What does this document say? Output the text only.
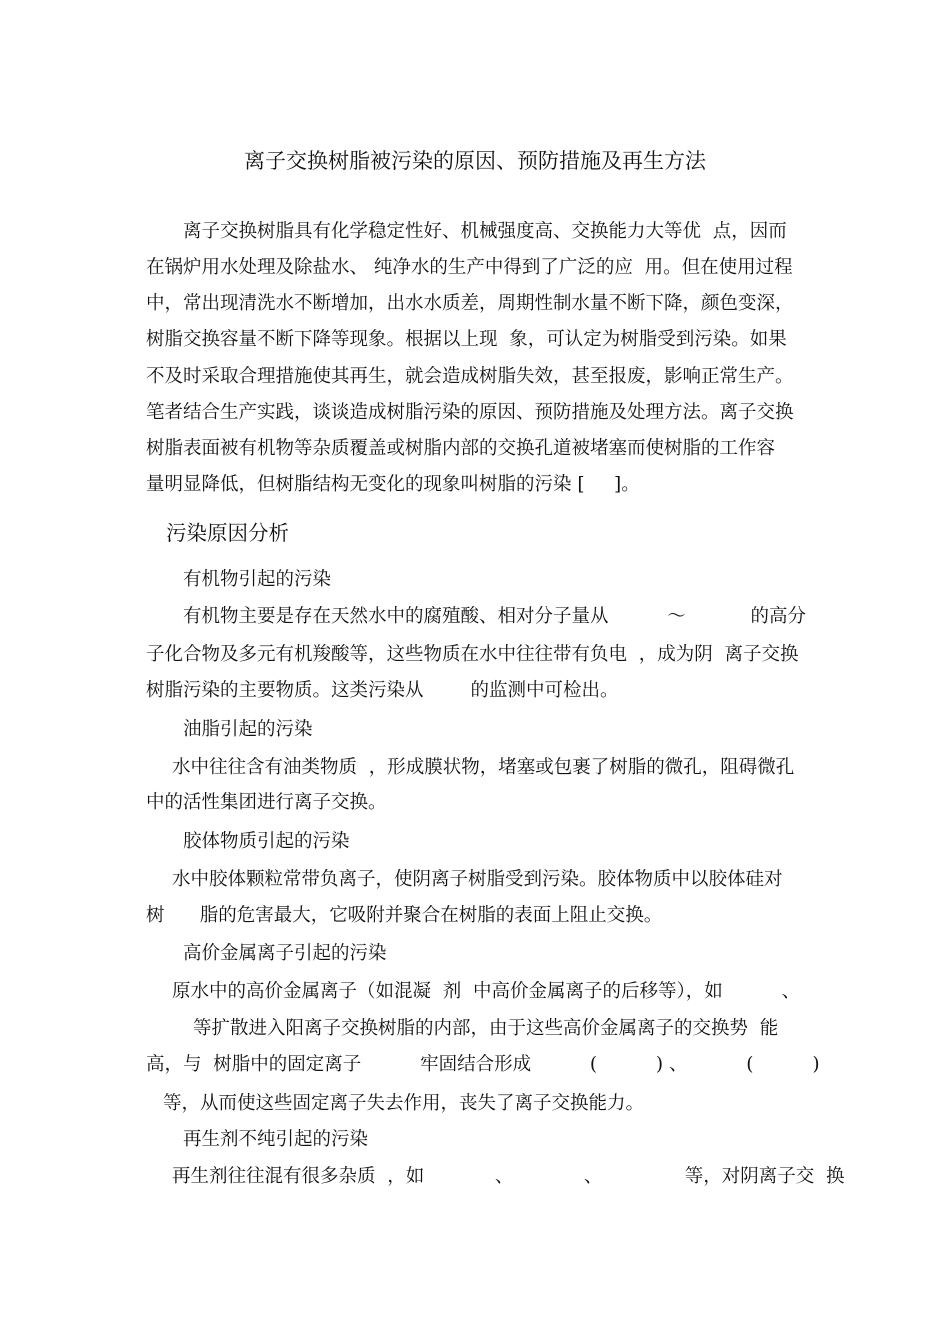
离子交换树脂被污染的原因、预防措施及再生方法
离子交换树脂具有化学稳定性好、机械强度高、交换能力大等优  点，因而
在锅炉用水处理及除盐水、 纯净水的生产中得到了广泛的应  用。但在使用过程
中，常出现清洗水不断增加，出水水质差，周期性制水量不断下降，颜色变深，
树脂交换容量不断下降等现象。根据以上现  象，可认定为树脂受到污染。如果
不及时采取合理措施使其再生，就会造成树脂失效，甚至报废，影响正常生产。
笔者结合生产实践，谈谈造成树脂污染的原因、预防措施及处理方法。离子交换
树脂表面被有机物等杂质覆盖或树脂内部的交换孔道被堵塞而使树脂的工作容
量明显降低，但树脂结构无变化的现象叫树脂的污染 [     ]。
污染原因分析
有机物引起的污染
有机物主要是存在天然水中的腐殖酸、相对分子量从          ～           的高分
子化合物及多元有机羧酸等，这些物质在水中往往带有负电  ，成为阴  离子交换
树脂污染的主要物质。这类污染从        的监测中可检出。
油脂引起的污染
水中往往含有油类物质  ，形成膜状物，堵塞或包裹了树脂的微孔，阻碍微孔
中的活性集团进行离子交换。
胶体物质引起的污染
水中胶体颗粒常带负离子，使阴离子树脂受到污染。胶体物质中以胶体硅对
树      脂的危害最大，它吸附并聚合在树脂的表面上阻止交换。
高价金属离子引起的污染
原水中的高价金属离子（如混凝  剂  中高价金属离子的后移等），如          、
等扩散进入阳离子交换树脂的内部，由于这些高价金属离子的交换势  能
高，与  树脂中的固定离子          牢固结合形成          (          ) 、          (          )
等，从而使这些固定离子失去作用，丧失了离子交换能力。
再生剂不纯引起的污染
再生剂往往混有很多杂质  ，如            、            、              等，对阴离子交  换
